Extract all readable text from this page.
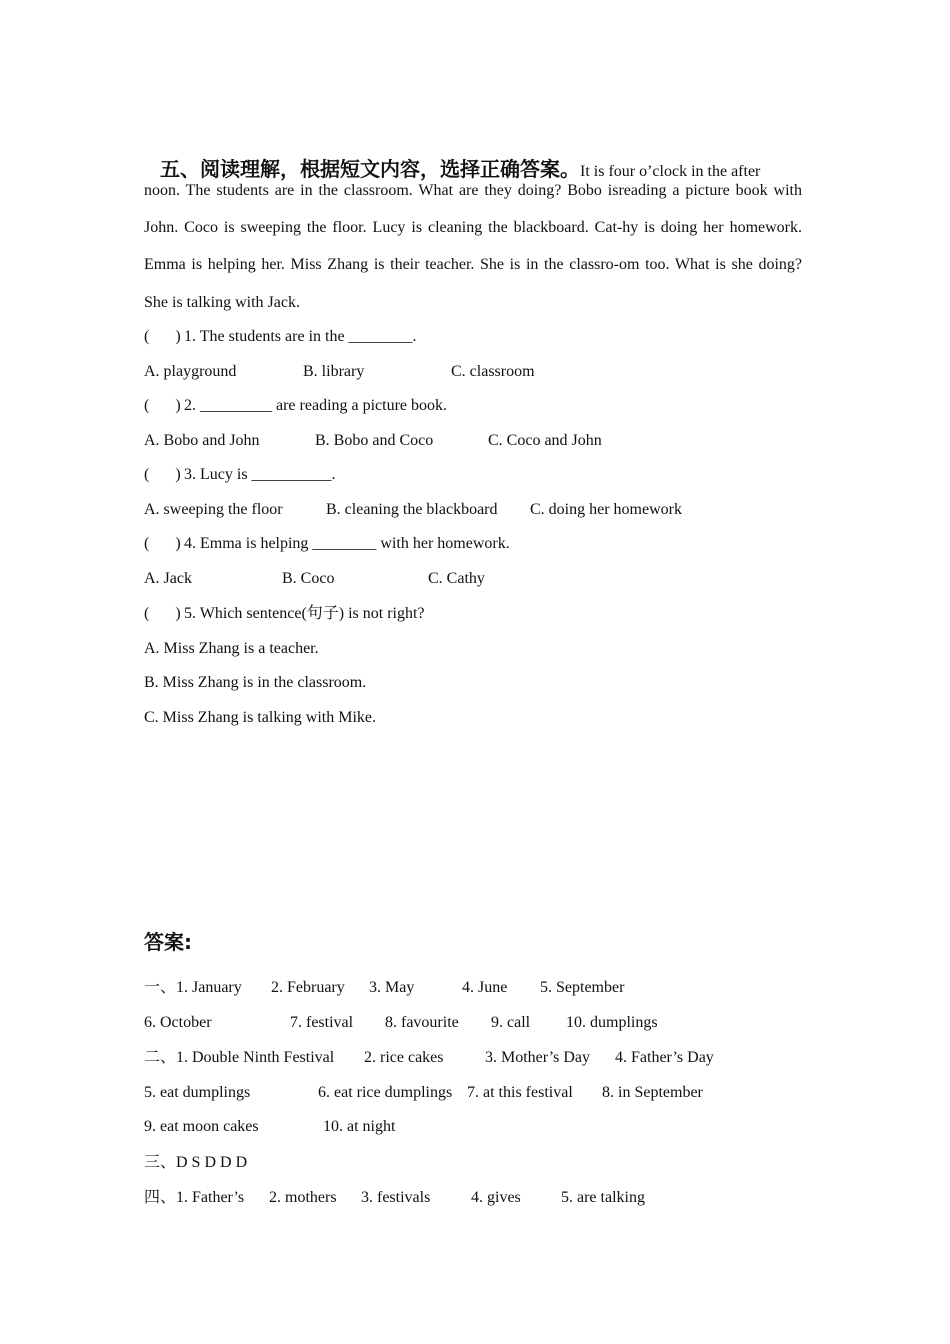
五、阅读理解，根据短文内容，选择正确答案。It is four o’clock in the after

noon. The students are in the classroom. What are they doing? Bobo isreading a picture book with
John. Coco is sweeping the floor. Lucy is cleaning the blackboard. Cat-hy is doing her homework.
Emma is helping her. Miss Zhang is their teacher. She is in the classro-om too. What is she doing?
She is talking with Jack.
( ) 1. The students are in the ________.
A. playground	B. library	C. classroom
( ) 2. _________ are reading a picture book.
A. Bobo and John	B. Bobo and Coco	C. Coco and John
( ) 3. Lucy is __________.
A. sweeping the floor	B. cleaning the blackboard C. doing her homework
( ) 4. Emma is helping ________ with her homework.
A. Jack	B. Coco	C. Cathy
( ) 5. Which sentence(句子) is not right?
A. Miss Zhang is a teacher.
B. Miss Zhang is in the classroom.
C. Miss Zhang is talking with Mike.
答案:
一、1. January 2. February 3. May	4. June 5. September
6. October	7. festival 8. favourite 9. call 10. dumplings
二、1. Double Ninth Festival 2. rice cakes	3. Mother’s Day 4. Father’s Day
5. eat dumplings	6. eat rice dumplings 7. at this festival 8. in September
9. eat moon cakes	10. at night
三、D S D D D
四、1. Father’s 2. mothers 3. festivals	4. gives	5. are talking
